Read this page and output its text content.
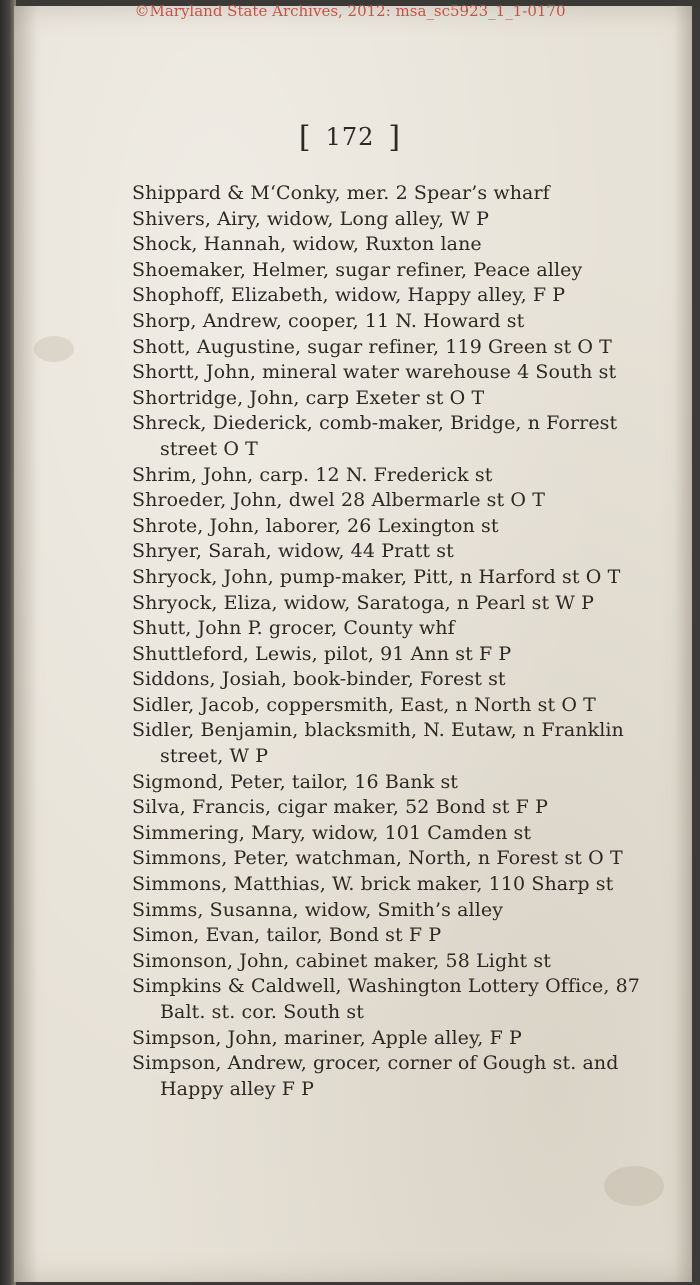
©Maryland State Archives, 2012: msa_sc5923_1_1-0170
[ 172 ]
Shippard & M‘Conky, mer. 2 Spear’s wharf
Shivers, Airy, widow, Long alley, W P
Shock, Hannah, widow, Ruxton lane
Shoemaker, Helmer, sugar refiner, Peace alley
Shophoff, Elizabeth, widow, Happy alley, F P
Shorp, Andrew, cooper, 11 N. Howard st
Shott, Augustine, sugar refiner, 119 Green st O T
Shortt, John, mineral water warehouse 4 South st
Shortridge, John, carp Exeter st O T
Shreck, Diederick, comb-maker, Bridge, n Forrest street O T
Shrim, John, carp. 12 N. Frederick st
Shroeder, John, dwel 28 Albermarle st O T
Shrote, John, laborer, 26 Lexington st
Shryer, Sarah, widow, 44 Pratt st
Shryock, John, pump-maker, Pitt, n Harford st O T
Shryock, Eliza, widow, Saratoga, n Pearl st W P
Shutt, John P. grocer, County whf
Shuttleford, Lewis, pilot, 91 Ann st F P
Siddons, Josiah, book-binder, Forest st
Sidler, Jacob, coppersmith, East, n North st O T
Sidler, Benjamin, blacksmith, N. Eutaw, n Franklin street, W P
Sigmond, Peter, tailor, 16 Bank st
Silva, Francis, cigar maker, 52 Bond st F P
Simmering, Mary, widow, 101 Camden st
Simmons, Peter, watchman, North, n Forest st O T
Simmons, Matthias, W. brick maker, 110 Sharp st
Simms, Susanna, widow, Smith’s alley
Simon, Evan, tailor, Bond st F P
Simonson, John, cabinet maker, 58 Light st
Simpkins & Caldwell, Washington Lottery Office, 87 Balt. st. cor. South st
Simpson, John, mariner, Apple alley, F P
Simpson, Andrew, grocer, corner of Gough st. and Happy alley F P
